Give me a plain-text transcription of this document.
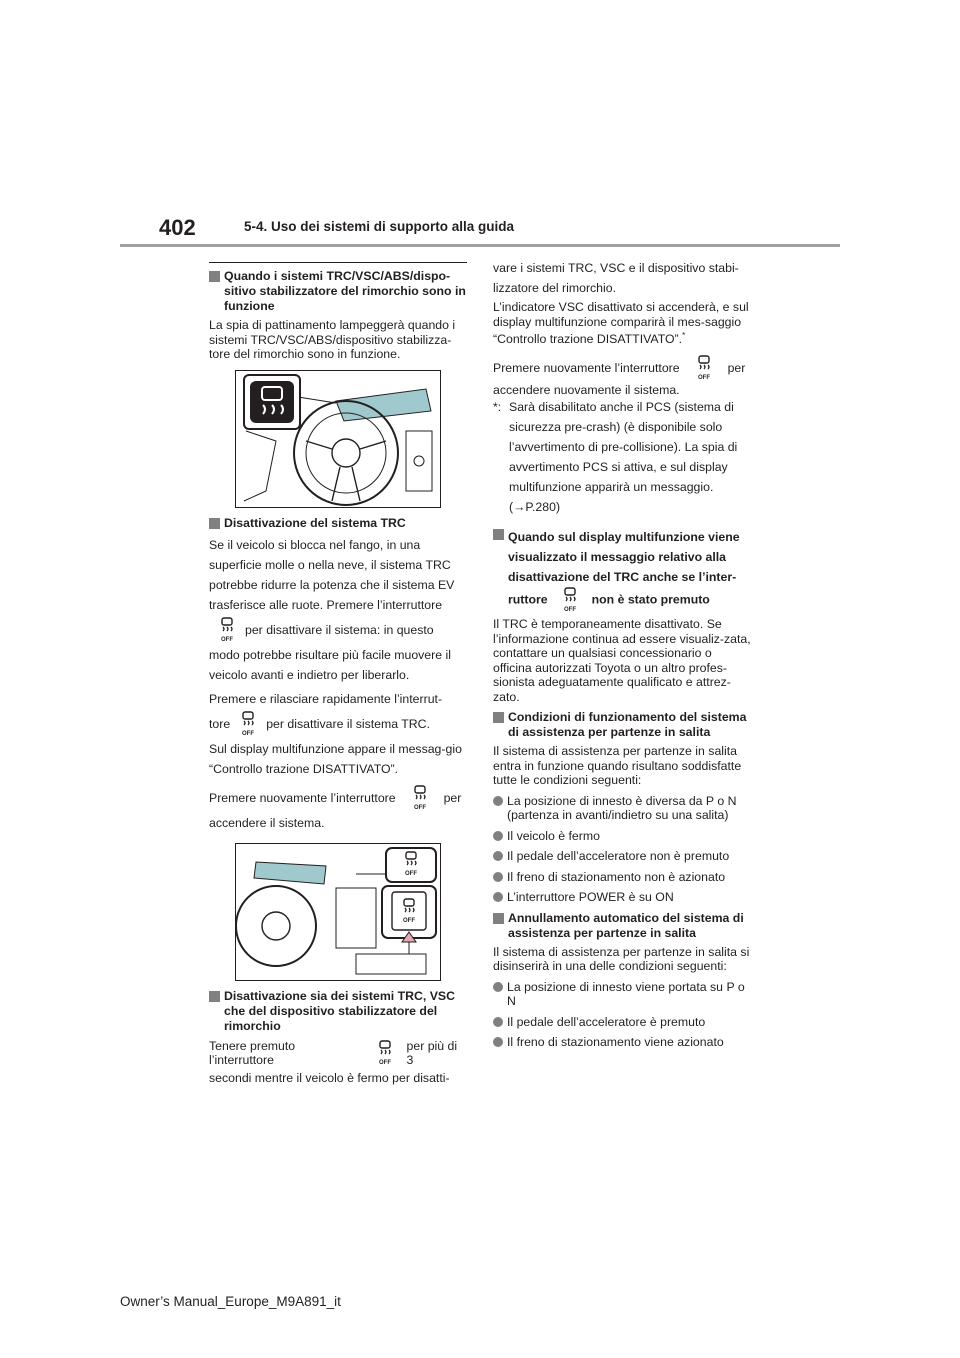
402	5-4. Uso dei sistemi di supporto alla guida
Quando i sistemi TRC/VSC/ABS/dispo-sitivo stabilizzatore del rimorchio sono in funzione

La spia di pattinamento lampeggerà quando i sistemi TRC/VSC/ABS/dispositivo stabilizza-tore del rimorchio sono in funzione.

Disattivazione del sistema TRC

Se il veicolo si blocca nel fango, in una superficie molle o nella neve, il sistema TRC potrebbe ridurre la potenza che il sistema EV trasferisce alle ruote. Premere l’interruttore

per disattivare il sistema: in questo

modo potrebbe risultare più facile muovere il veicolo avanti e indietro per liberarlo.

Premere e rilasciare rapidamente l’interrut-

tore	per disattivare il sistema TRC.

Sul display multifunzione appare il messag-gio “Controllo trazione DISATTIVATO”.

Premere nuovamente l’interruttore	per

accendere il sistema.

Disattivazione sia dei sistemi TRC, VSC che del dispositivo stabilizzatore del rimorchio
Tenere premuto l’interruttore
per più di 3

secondi mentre il veicolo è fermo per disatti-

vare i sistemi TRC, VSC e il dispositivo stabi-lizzatore del rimorchio.

L’indicatore VSC disattivato si accenderà, e sul display multifunzione comparirà il mes-saggio “Controllo trazione DISATTIVATO”.*

Premere nuovamente l’interruttore	per

accendere nuovamente il sistema.

*: Sarà disabilitato anche il PCS (sistema di sicurezza pre-crash) (è disponibile solo l’avvertimento di pre-collisione). La spia di avvertimento PCS si attiva, e sul display multifunzione apparirà un messaggio.
(→P.280)
Quando sul display multifunzione viene visualizzato il messaggio relativo alla disattivazione del TRC anche se l’inter-
ruttore	non è stato premuto

Il TRC è temporaneamente disattivato. Se l’informazione continua ad essere visualiz-zata, contattare un qualsiasi concessionario o officina autorizzati Toyota o un altro profes-sionista adeguatamente qualificato e attrez-zato.

Condizioni di funzionamento del sistema di assistenza per partenze in salita

Il sistema di assistenza per partenze in salita entra in funzione quando risultano soddisfatte tutte le condizioni seguenti:

La posizione di innesto è diversa da P o N (partenza in avanti/indietro su una salita)
Il veicolo è fermo
Il pedale dell’acceleratore non è premuto
Il freno di stazionamento non è azionato
L’interruttore POWER è su ON
Annullamento automatico del sistema di assistenza per partenze in salita

Il sistema di assistenza per partenze in salita si disinserirà in una delle condizioni seguenti:

La posizione di innesto viene portata su P o N
Il pedale dell’acceleratore è premuto
Il freno di stazionamento viene azionato
Owner’s Manual_Europe_M9A891_it
